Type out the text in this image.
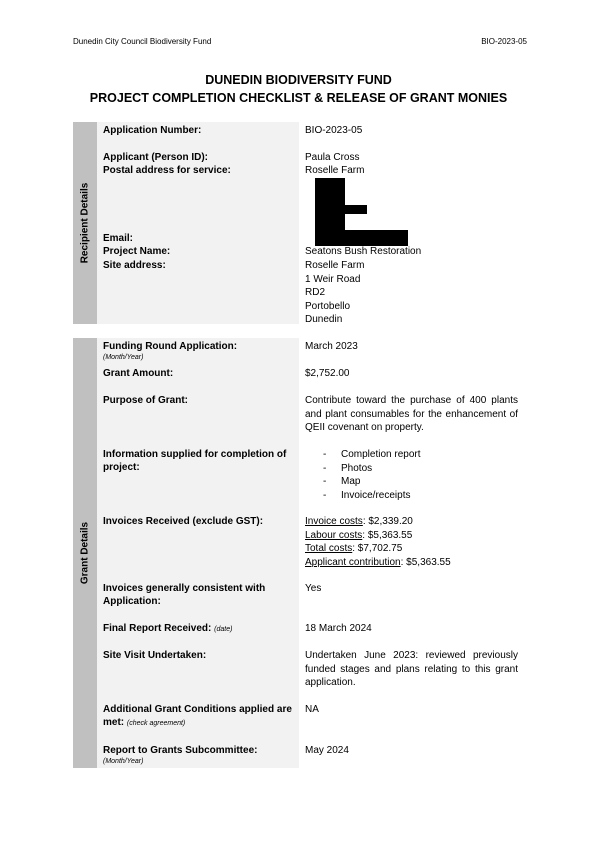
Dunedin City Council Biodiversity Fund	BIO-2023-05
DUNEDIN BIODIVERSITY FUND
PROJECT COMPLETION CHECKLIST & RELEASE OF GRANT MONIES
Recipient Details
Application Number:	BIO-2023-05
Applicant (Person ID):	Paula Cross
Postal address for service:	Roselle Farm
Email:
Project Name:	Seatons Bush Restoration
Site address:	Roselle Farm
1 Weir Road
RD2
Portobello
Dunedin
Grant Details
Funding Round Application:
(Month/Year)
March 2023
Grant Amount:	$2,752.00
Purpose of Grant:	Contribute toward the purchase of 400 plants and plant consumables for the enhancement of QEII covenant on property.
Information supplied for completion of project:
- Completion report
- Photos
- Map
- Invoice/receipts
Invoices Received (exclude GST):	Invoice costs: $2,339.20
Labour costs: $5,363.55
Total costs: $7,702.75
Applicant contribution: $5,363.55
Invoices generally consistent with Application:
Yes
Final Report Received: (date)	18 March 2024
Site Visit Undertaken:	Undertaken June 2023: reviewed previously funded stages and plans relating to this grant application.
Additional Grant Conditions applied are met: (check agreement)
NA
Report to Grants Subcommittee:
(Month/Year)
May 2024
